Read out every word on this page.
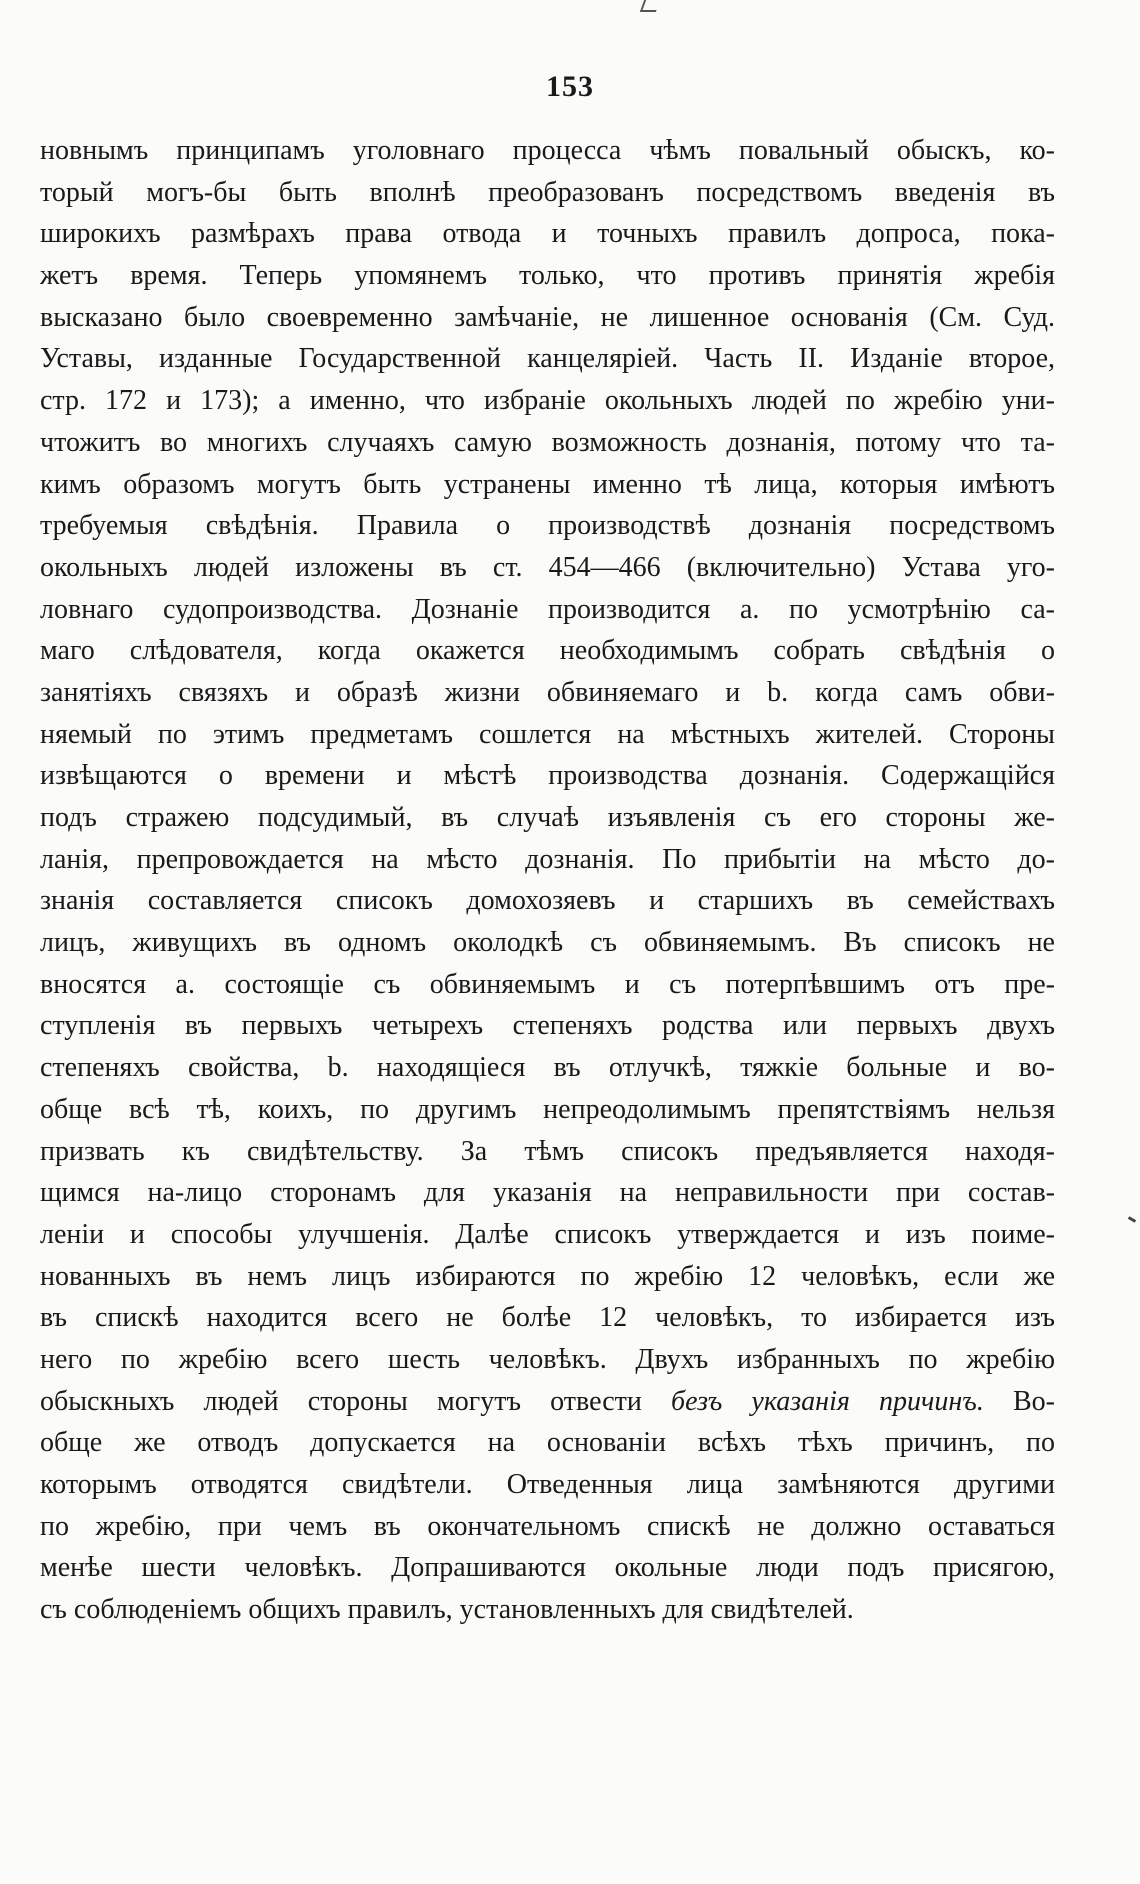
153
новнымъ принципамъ уголовнаго процесса чѣмъ повальный обыскъ, ко-
торый могъ-бы быть вполнѣ преобразованъ посредствомъ введенія въ
широкихъ размѣрахъ права отвода и точныхъ правилъ допроса, пока-
жетъ время. Теперь упомянемъ только, что противъ принятія жребія
высказано было своевременно замѣчаніе, не лишенное основанія (См. Суд.
Уставы, изданные Государственной канцеляріей. Часть II. Изданіе второе,
стр. 172 и 173); а именно, что избраніе окольныхъ людей по жребію уни-
чтожитъ во многихъ случаяхъ самую возможность дознанія, потому что та-
кимъ образомъ могутъ быть устранены именно тѣ лица, которыя имѣютъ
требуемыя свѣдѣнія. Правила о производствѣ дознанія посредствомъ
окольныхъ людей изложены въ ст. 454—466 (включительно) Устава уго-
ловнаго судопроизводства. Дознаніе производится а. по усмотрѣнію са-
маго слѣдователя, когда окажется необходимымъ собрать свѣдѣнія о
занятіяхъ связяхъ и образѣ жизни обвиняемаго и b. когда самъ обви-
няемый по этимъ предметамъ сошлется на мѣстныхъ жителей. Стороны
извѣщаются о времени и мѣстѣ производства дознанія. Содержащійся
подъ стражею подсудимый, въ случаѣ изъявленія съ его стороны же-
ланія, препровождается на мѣсто дознанія. По прибытіи на мѣсто до-
знанія составляется списокъ домохозяевъ и старшихъ въ семействахъ
лицъ, живущихъ въ одномъ околодкѣ съ обвиняемымъ. Въ списокъ не
вносятся а. состоящіе съ обвиняемымъ и съ потерпѣвшимъ отъ пре-
ступленія въ первыхъ четырехъ степеняхъ родства или первыхъ двухъ
степеняхъ свойства, b. находящіеся въ отлучкѣ, тяжкіе больные и во-
обще всѣ тѣ, коихъ, по другимъ непреодолимымъ препятствіямъ нельзя
призвать къ свидѣтельству. За тѣмъ списокъ предъявляется находя-
щимся на-лицо сторонамъ для указанія на неправильности при состав-
леніи и способы улучшенія. Далѣе списокъ утверждается и изъ поиме-
нованныхъ въ немъ лицъ избираются по жребію 12 человѣкъ, если же
въ спискѣ находится всего не болѣе 12 человѣкъ, то избирается изъ
него по жребію всего шесть человѣкъ. Двухъ избранныхъ по жребію
обыскныхъ людей стороны могутъ отвести безъ указанія причинъ. Во-
обще же отводъ допускается на основаніи всѣхъ тѣхъ причинъ, по
которымъ отводятся свидѣтели. Отведенныя лица замѣняются другими
по жребію, при чемъ въ окончательномъ спискѣ не должно оставаться
менѣе шести человѣкъ. Допрашиваются окольные люди подъ присягою,
съ соблюденіемъ общихъ правилъ, установленныхъ для свидѣтелей.
